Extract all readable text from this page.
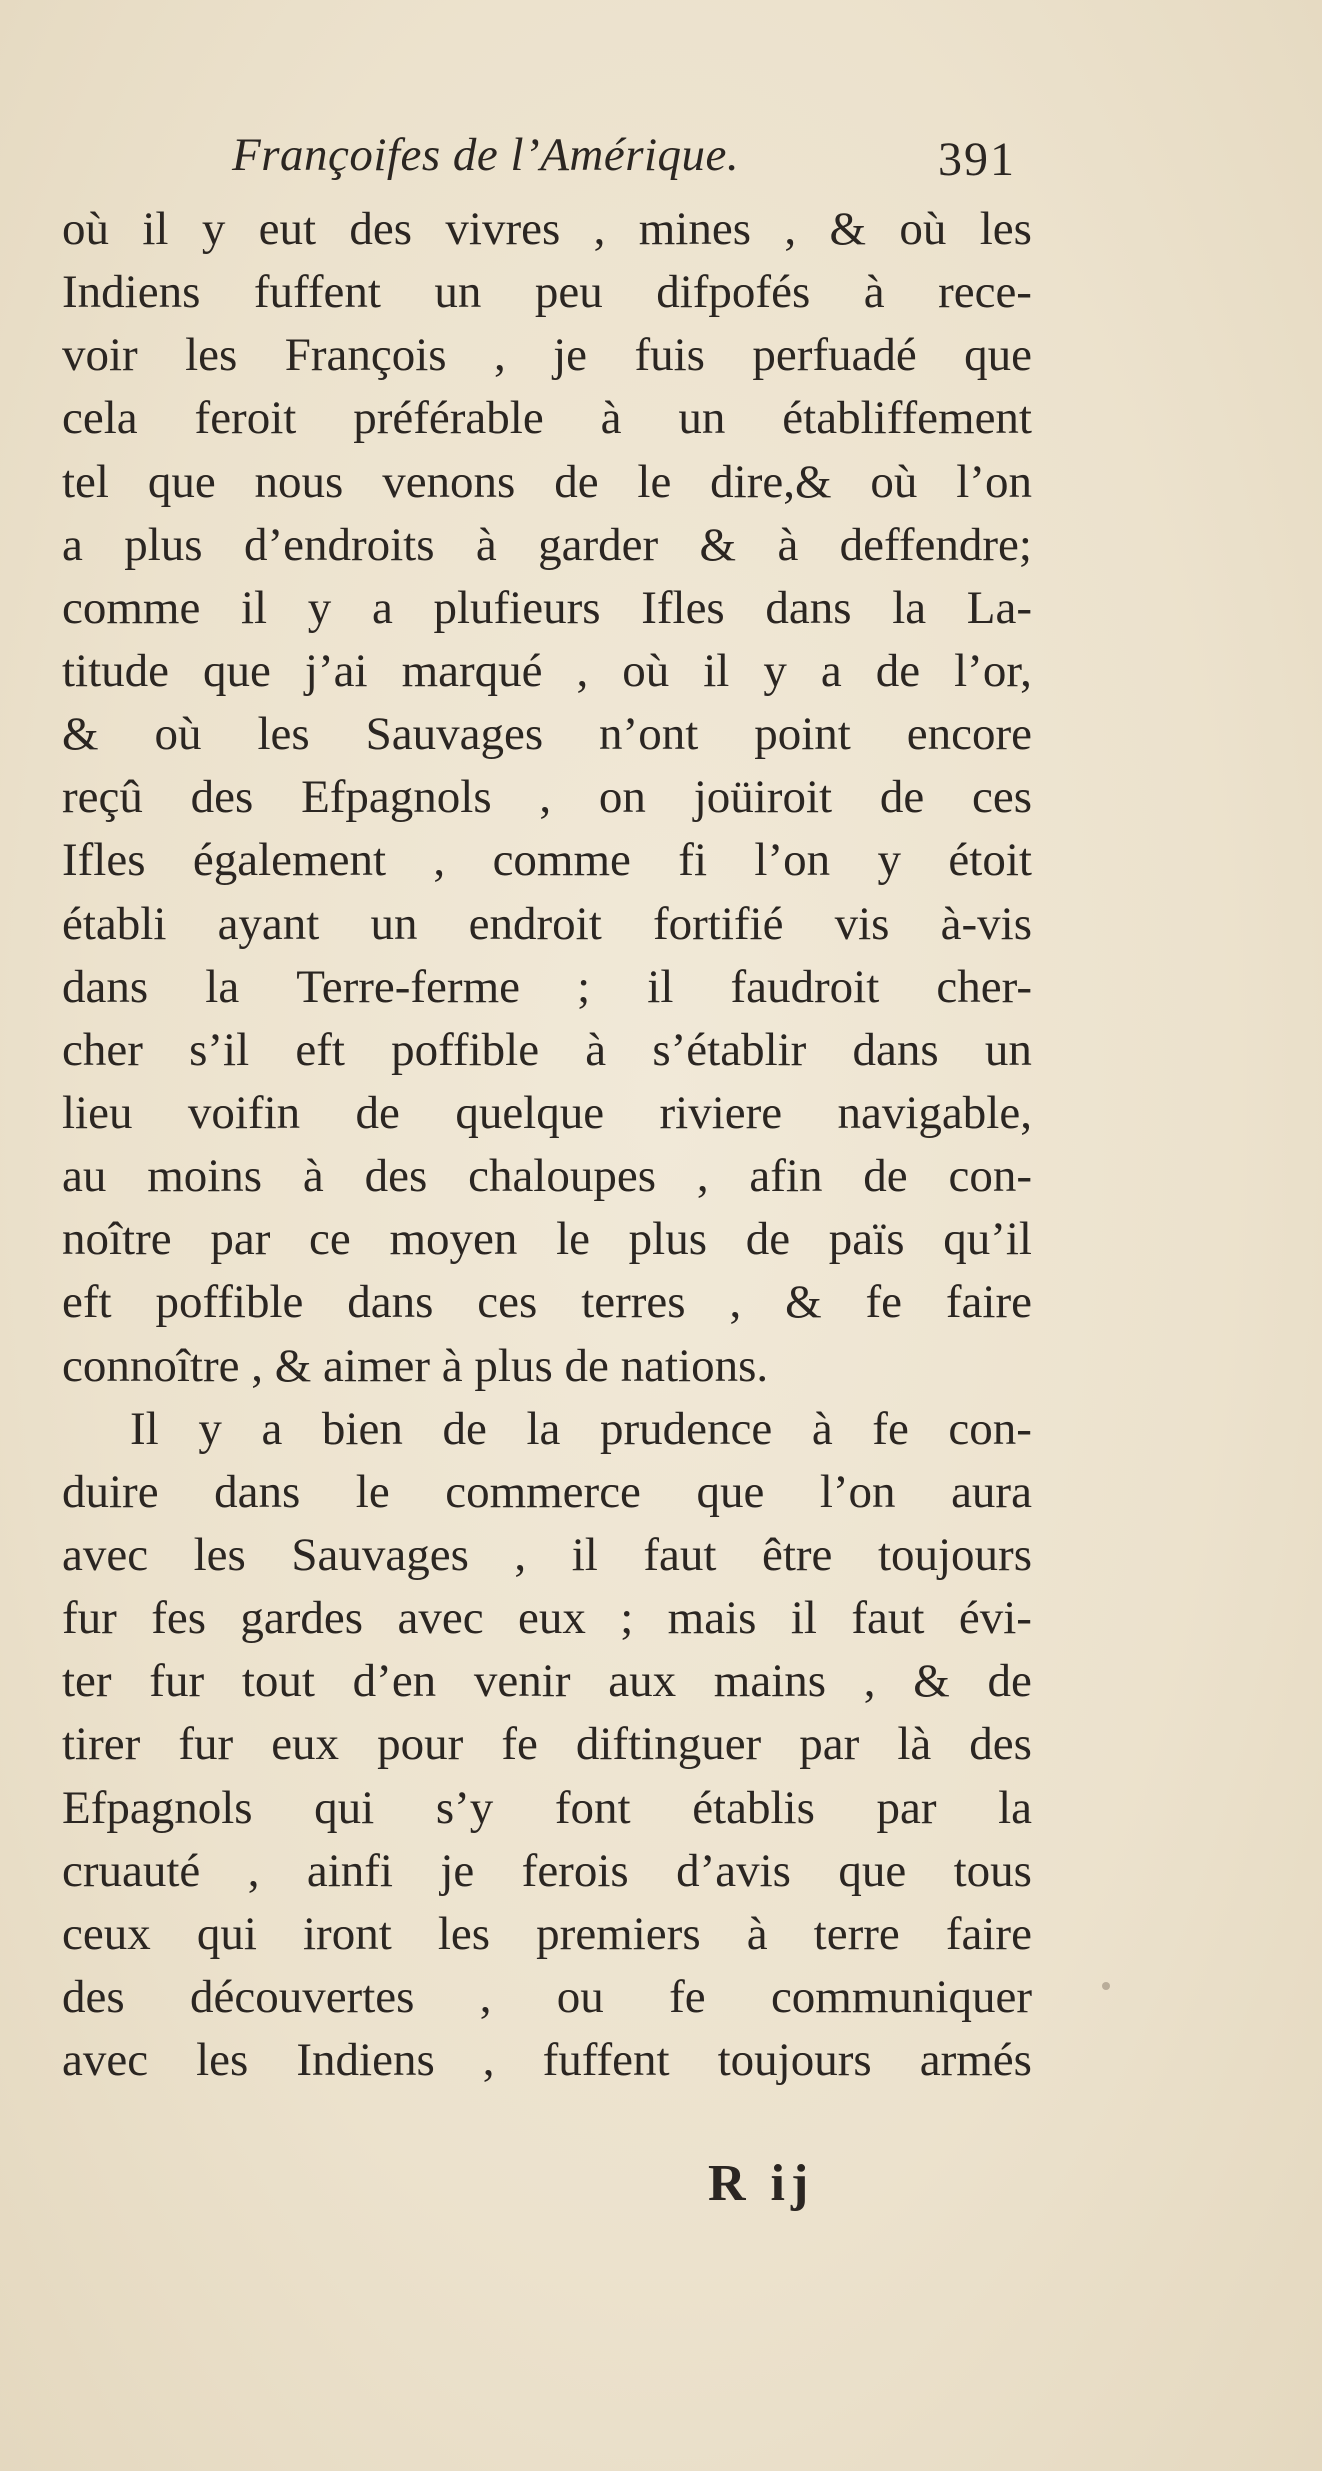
Françoifes de l’Amérique.	391
où il y eut des vivres , mines , & où les
Indiens fuffent un peu difpofés à rece-
voir les François , je fuis perfuadé que
cela feroit préférable à un établiffement
tel que nous venons de le dire,& où l’on
a plus d’endroits à garder & à deffendre;
comme il y a plufieurs Ifles dans la La-
titude que j’ai marqué , où il y a de l’or,
& où les Sauvages n’ont point encore
reçû des Efpagnols , on joüiroit de ces
Ifles également , comme fi l’on y étoit
établi ayant un endroit fortifié vis à-vis
dans la Terre-ferme ; il faudroit cher-
cher s’il eft poffible à s’établir dans un
lieu voifin de quelque riviere navigable,
au moins à des chaloupes , afin de con-
noître par ce moyen le plus de païs qu’il
eft poffible dans ces terres , & fe faire
connoître , & aimer à plus de nations.
Il y a bien de la prudence à fe con-
duire dans le commerce que l’on aura
avec les Sauvages , il faut être toujours
fur fes gardes avec eux ; mais il faut évi-
ter fur tout d’en venir aux mains , & de
tirer fur eux pour fe diftinguer par là des
Efpagnols qui s’y font établis par la
cruauté , ainfi je ferois d’avis que tous
ceux qui iront les premiers à terre faire
des découvertes , ou fe communiquer
avec les Indiens , fuffent toujours armés
R ij
